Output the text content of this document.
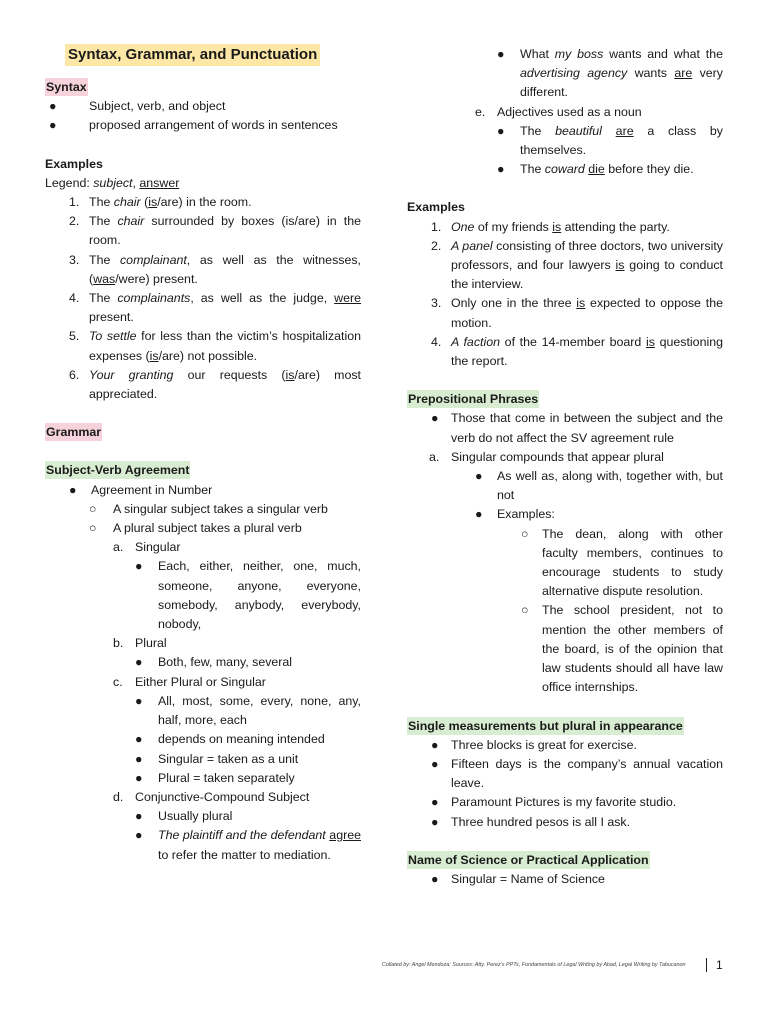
Syntax, Grammar, and Punctuation
Syntax
●	Subject, verb, and object
●	proposed arrangement of words in sentences
Examples
Legend: subject, answer
1. The chair (is/are) in the room.
2. The chair surrounded by boxes (is/are) in the room.
3. The complainant, as well as the witnesses, (was/were) present.
4. The complainants, as well as the judge, were present.
5. To settle for less than the victim’s hospitalization expenses (is/are) not possible.
6. Your granting our requests (is/are) most appreciated.
Grammar
Subject-Verb Agreement
●	Agreement in Number
○	A singular subject takes a singular verb
○	A plural subject takes a plural verb
a. Singular
●	Each, either, neither, one, much, someone, anyone, everyone, somebody, anybody, everybody, nobody,
b. Plural
●	Both, few, many, several
c. Either Plural or Singular
●	All, most, some, every, none, any, half, more, each
●	depends on meaning intended
●	Singular = taken as a unit
●	Plural = taken separately
d. Conjunctive-Compound Subject
●	Usually plural
●	The plaintiff and the defendant agree to refer the matter to mediation.
●	What my boss wants and what the advertising agency wants are very different.
e. Adjectives used as a noun
●	The beautiful are a class by themselves.
●	The coward die before they die.
Examples
1. One of my friends is attending the party.
2. A panel consisting of three doctors, two university professors, and four lawyers is going to conduct the interview.
3. Only one in the three is expected to oppose the motion.
4. A faction of the 14-member board is questioning the report.
Prepositional Phrases
●	Those that come in between the subject and the verb do not affect the SV agreement rule
a. Singular compounds that appear plural
●	As well as, along with, together with, but not
●	Examples:
○	The dean, along with other faculty members, continues to encourage students to study alternative dispute resolution.
○	The school president, not to mention the other members of the board, is of the opinion that law students should all have law office internships.
Single measurements but plural in appearance
●	Three blocks is great for exercise.
●	Fifteen days is the company’s annual vacation leave.
●	Paramount Pictures is my favorite studio.
●	Three hundred pesos is all I ask.
Name of Science or Practical Application
●	Singular = Name of Science
Collated by: Angel Mendoza; Sources: Atty. Perez’s PPTs, Fundamentals of Legal Writing by Abad, Legal Writing by Tabucanon	1
